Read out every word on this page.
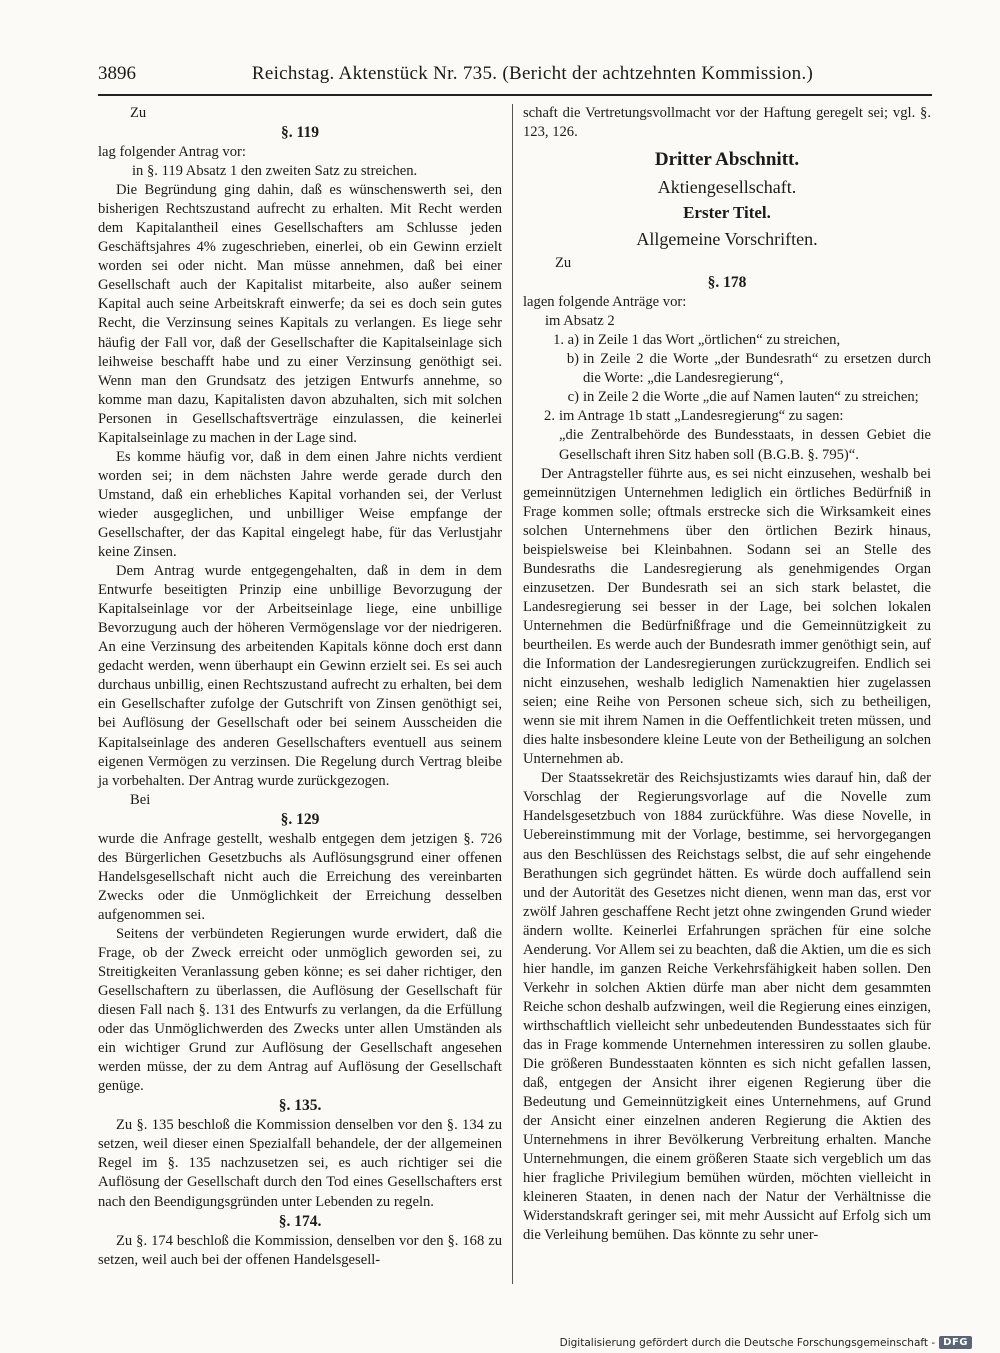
3896	Reichstag. Aktenstück Nr. 735. (Bericht der achtzehnten Kommission.)
Zu
§. 119

lag folgender Antrag vor:

in §. 119 Absatz 1 den zweiten Satz zu streichen.

Die Begründung ging dahin, daß es wünschenswerth sei, den bisherigen Rechtszustand aufrecht zu erhalten. Mit Recht werden dem Kapitalantheil eines Gesellschafters am Schlusse jeden Geschäftsjahres 4% zugeschrieben, einerlei, ob ein Gewinn erzielt worden sei oder nicht. Man müsse annehmen, daß bei einer Gesellschaft auch der Kapitalist mitarbeite, also außer seinem Kapital auch seine Arbeitskraft einwerfe; da sei es doch sein gutes Recht, die Verzinsung seines Kapitals zu verlangen. Es liege sehr häufig der Fall vor, daß der Gesellschafter die Kapitalseinlage sich leihweise beschafft habe und zu einer Verzinsung genöthigt sei. Wenn man den Grundsatz des jetzigen Entwurfs annehme, so komme man dazu, Kapitalisten davon abzuhalten, sich mit solchen Personen in Gesellschaftsverträge einzulassen, die keinerlei Kapitalseinlage zu machen in der Lage sind.

Es komme häufig vor, daß in dem einen Jahre nichts verdient worden sei; in dem nächsten Jahre werde gerade durch den Umstand, daß ein erhebliches Kapital vorhanden sei, der Verlust wieder ausgeglichen, und unbilliger Weise empfange der Gesellschafter, der das Kapital eingelegt habe, für das Verlustjahr keine Zinsen.

Dem Antrag wurde entgegengehalten, daß in dem in dem Entwurfe beseitigten Prinzip eine unbillige Bevorzugung der Kapitalseinlage vor der Arbeitseinlage liege, eine unbillige Bevorzugung auch der höheren Vermögenslage vor der niedrigeren. An eine Verzinsung des arbeitenden Kapitals könne doch erst dann gedacht werden, wenn überhaupt ein Gewinn erzielt sei. Es sei auch durchaus unbillig, einen Rechtszustand aufrecht zu erhalten, bei dem ein Gesellschafter zufolge der Gutschrift von Zinsen genöthigt sei, bei Auflösung der Gesellschaft oder bei seinem Ausscheiden die Kapitalseinlage des anderen Gesellschafters eventuell aus seinem eigenen Vermögen zu verzinsen. Die Regelung durch Vertrag bleibe ja vorbehalten. Der Antrag wurde zurückgezogen.

Bei
§. 129

wurde die Anfrage gestellt, weshalb entgegen dem jetzigen §. 726 des Bürgerlichen Gesetzbuchs als Auflösungsgrund einer offenen Handelsgesellschaft nicht auch die Erreichung des vereinbarten Zwecks oder die Unmöglichkeit der Erreichung desselben aufgenommen sei.

Seitens der verbündeten Regierungen wurde erwidert, daß die Frage, ob der Zweck erreicht oder unmöglich geworden sei, zu Streitigkeiten Veranlassung geben könne; es sei daher richtiger, den Gesellschaftern zu überlassen, die Auflösung der Gesellschaft für diesen Fall nach §. 131 des Entwurfs zu verlangen, da die Erfüllung oder das Unmöglichwerden des Zwecks unter allen Umständen als ein wichtiger Grund zur Auflösung der Gesellschaft angesehen werden müsse, der zu dem Antrag auf Auflösung der Gesellschaft genüge.

§. 135.

Zu §. 135 beschloß die Kommission denselben vor den §. 134 zu setzen, weil dieser einen Spezialfall behandele, der der allgemeinen Regel im §. 135 nachzusetzen sei, es auch richtiger sei die Auflösung der Gesellschaft durch den Tod eines Gesellschafters erst nach den Beendigungsgründen unter Lebenden zu regeln.

§. 174.

Zu §. 174 beschloß die Kommission, denselben vor den §. 168 zu setzen, weil auch bei der offenen Handelsgesell-

schaft die Vertretungsvollmacht vor der Haftung geregelt sei; vgl. §. 123, 126.

Dritter Abschnitt.
Aktiengesellschaft.
Erster Titel.
Allgemeine Vorschriften.
Zu
§. 178

lagen folgende Anträge vor:

im Absatz 2
1. a) in Zeile 1 das Wort „örtlichen“ zu streichen,
b) in Zeile 2 die Worte „der Bundesrath“ zu ersetzen durch die Worte: „die Landesregierung“,
c) in Zeile 2 die Worte „die auf Namen lauten“ zu streichen;
2. im Antrage 1b statt „Landesregierung“ zu sagen:
„die Zentralbehörde des Bundesstaats, in dessen Gebiet die Gesellschaft ihren Sitz haben soll (B.G.B. §. 795)“.

Der Antragsteller führte aus, es sei nicht einzusehen, weshalb bei gemeinnützigen Unternehmen lediglich ein örtliches Bedürfniß in Frage kommen solle; oftmals erstrecke sich die Wirksamkeit eines solchen Unternehmens über den örtlichen Bezirk hinaus, beispielsweise bei Kleinbahnen. Sodann sei an Stelle des Bundesraths die Landesregierung als genehmigendes Organ einzusetzen. Der Bundesrath sei an sich stark belastet, die Landesregierung sei besser in der Lage, bei solchen lokalen Unternehmen die Bedürfnißfrage und die Gemeinnützigkeit zu beurtheilen. Es werde auch der Bundesrath immer genöthigt sein, auf die Information der Landesregierungen zurückzugreifen. Endlich sei nicht einzusehen, weshalb lediglich Namenaktien hier zugelassen seien; eine Reihe von Personen scheue sich, sich zu betheiligen, wenn sie mit ihrem Namen in die Oeffentlichkeit treten müssen, und dies halte insbesondere kleine Leute von der Betheiligung an solchen Unternehmen ab.

Der Staatssekretär des Reichsjustizamts wies darauf hin, daß der Vorschlag der Regierungsvorlage auf die Novelle zum Handelsgesetzbuch von 1884 zurückführe. Was diese Novelle, in Uebereinstimmung mit der Vorlage, bestimme, sei hervorgegangen aus den Beschlüssen des Reichstags selbst, die auf sehr eingehende Berathungen sich gegründet hätten. Es würde doch auffallend sein und der Autorität des Gesetzes nicht dienen, wenn man das, erst vor zwölf Jahren geschaffene Recht jetzt ohne zwingenden Grund wieder ändern wollte. Keinerlei Erfahrungen sprächen für eine solche Aenderung. Vor Allem sei zu beachten, daß die Aktien, um die es sich hier handle, im ganzen Reiche Verkehrsfähigkeit haben sollen. Den Verkehr in solchen Aktien dürfe man aber nicht dem gesammten Reiche schon deshalb aufzwingen, weil die Regierung eines einzigen, wirthschaftlich vielleicht sehr unbedeutenden Bundesstaates sich für das in Frage kommende Unternehmen interessiren zu sollen glaube. Die größeren Bundesstaaten könnten es sich nicht gefallen lassen, daß, entgegen der Ansicht ihrer eigenen Regierung über die Bedeutung und Gemeinnützigkeit eines Unternehmens, auf Grund der Ansicht einer einzelnen anderen Regierung die Aktien des Unternehmens in ihrer Bevölkerung Verbreitung erhalten. Manche Unternehmungen, die einem größeren Staate sich vergeblich um das hier fragliche Privilegium bemühen würden, möchten vielleicht in kleineren Staaten, in denen nach der Natur der Verhältnisse die Widerstandskraft geringer sei, mit mehr Aussicht auf Erfolg sich um die Verleihung bemühen. Das könnte zu sehr uner-

Digitalisierung gefördert durch die Deutsche Forschungsgemeinschaft - DFG
